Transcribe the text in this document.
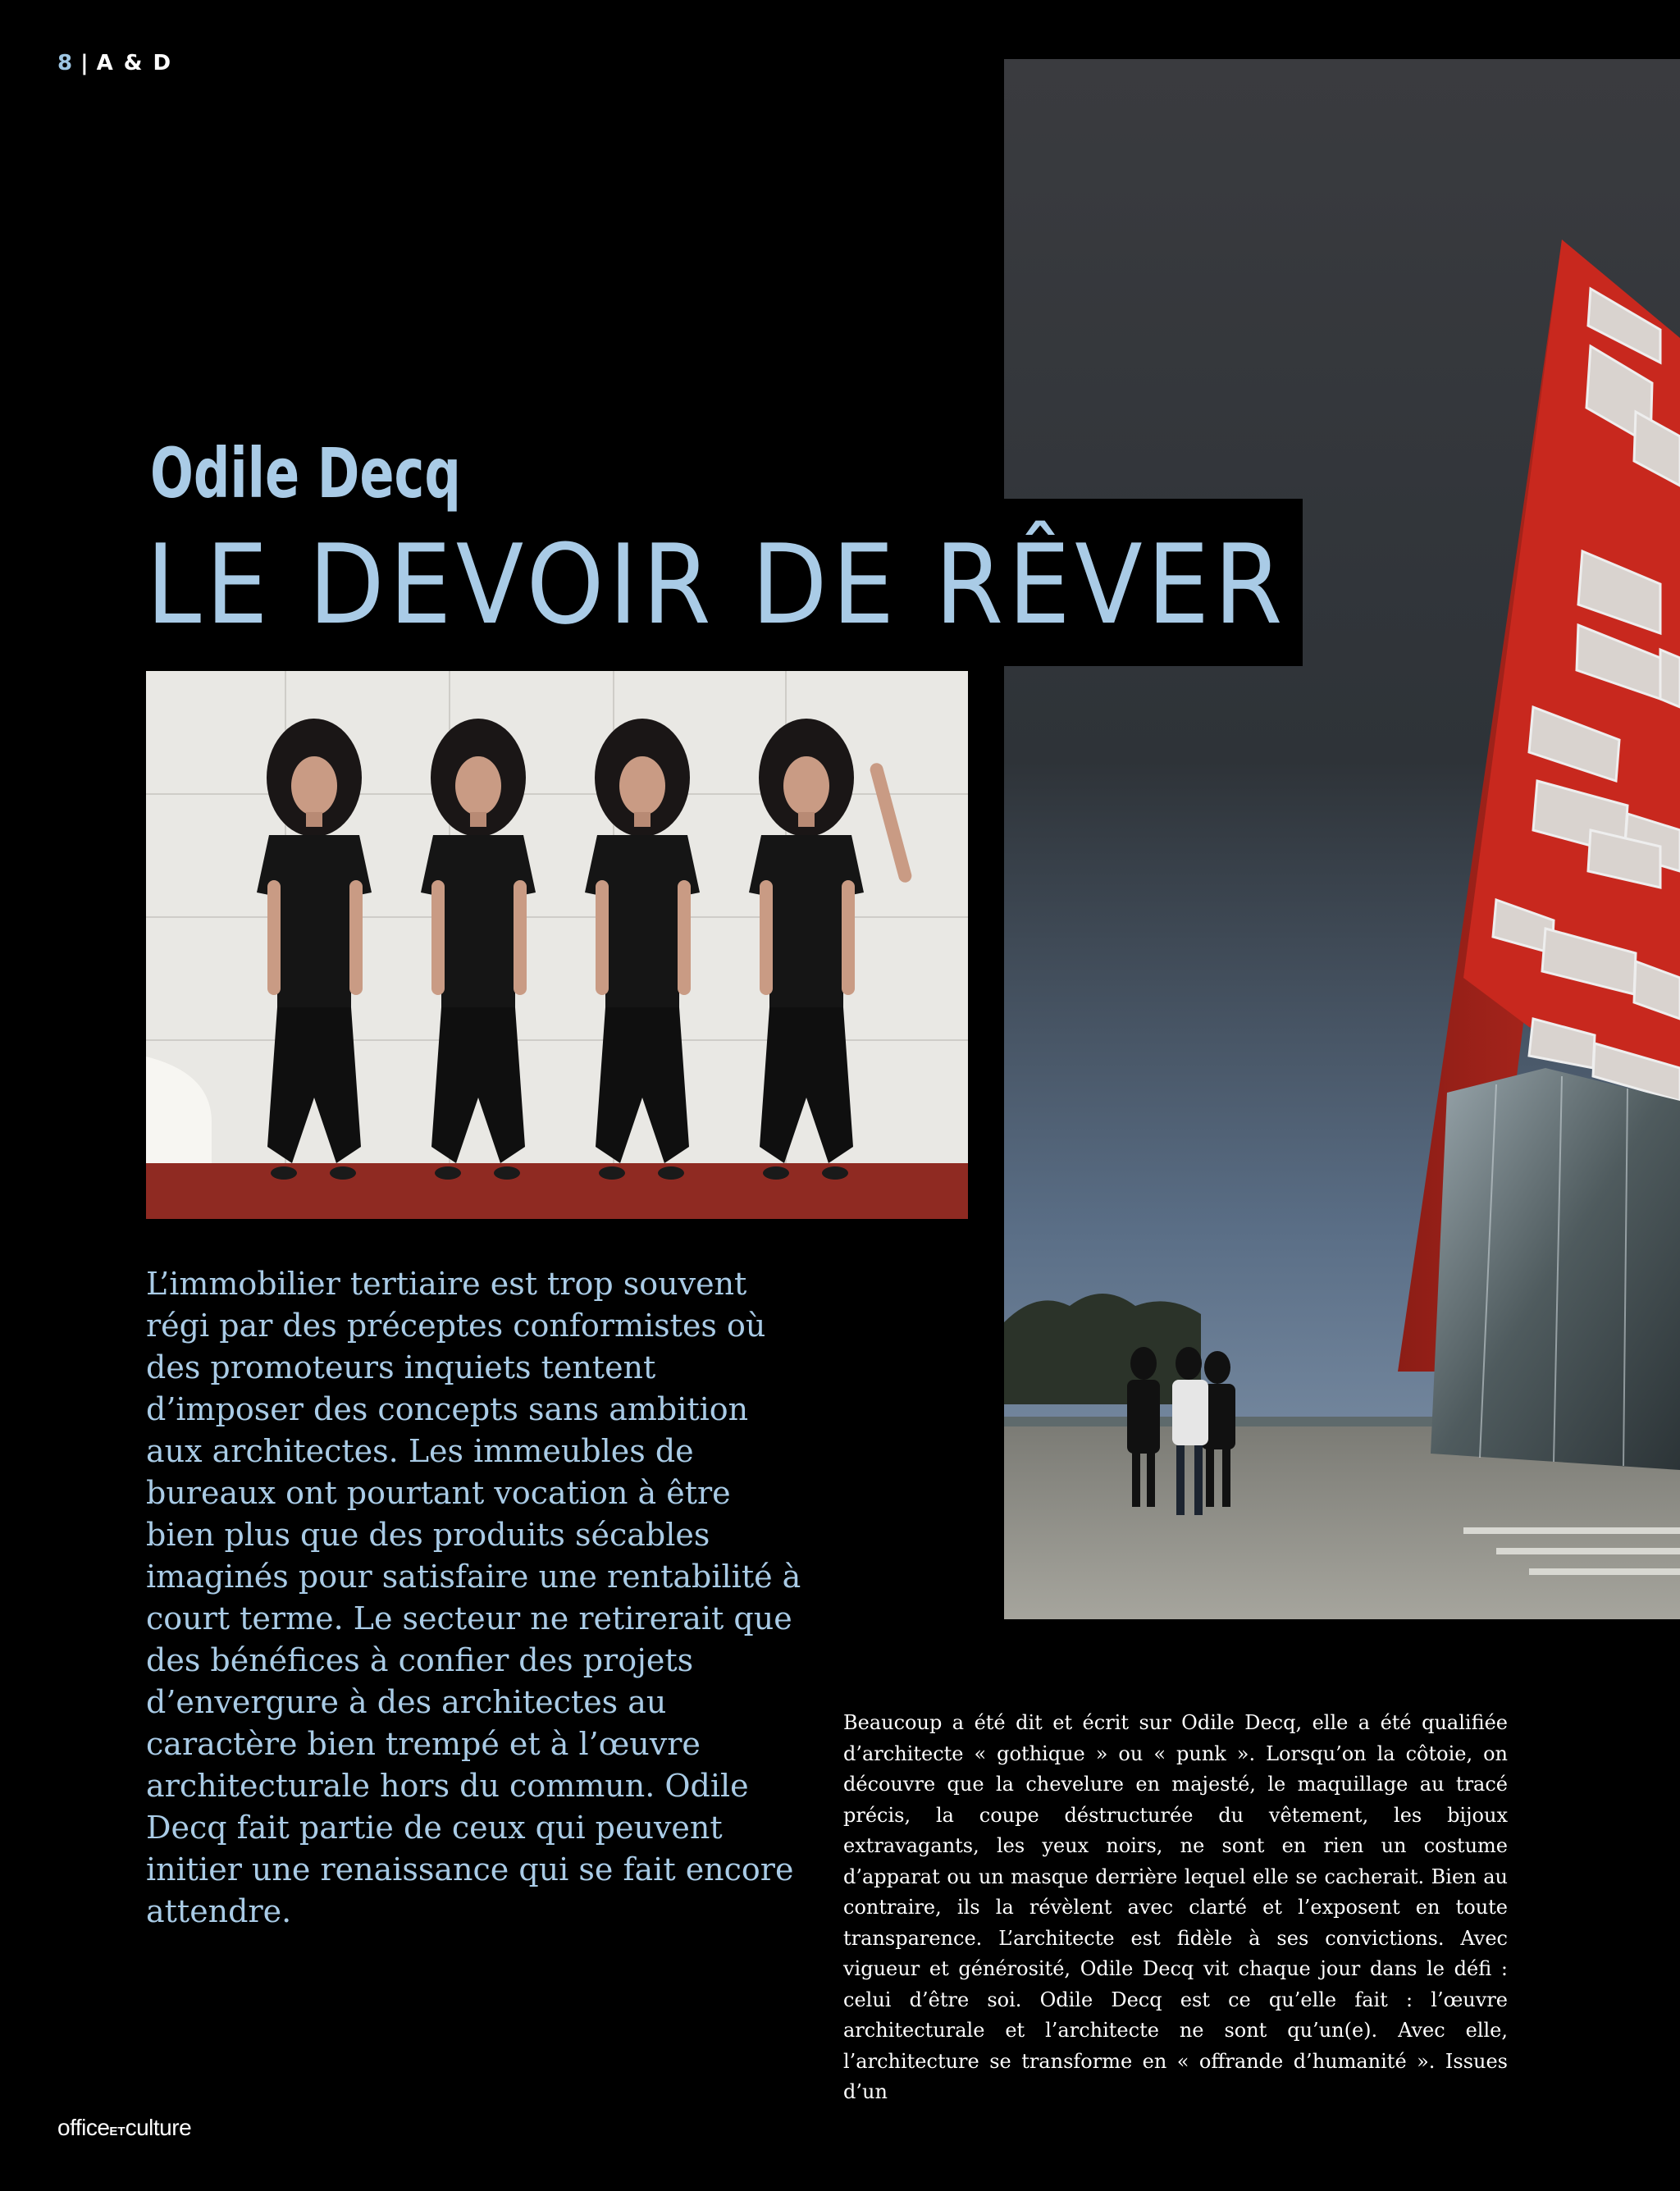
8 | A & D
Odile Decq
LE DEVOIR DE RÊVER

L’immobilier tertiaire est trop souvent régi par des préceptes conformistes où des promoteurs inquiets tentent d’imposer des concepts sans ambition aux architectes. Les immeubles de bureaux ont pourtant vocation à être bien plus que des produits sécables imaginés pour satisfaire une rentabilité à court terme. Le secteur ne retirerait que des bénéfices à confier des projets d’envergure à des architectes au caractère bien trempé et à l’œuvre architecturale hors du commun. Odile Decq fait partie de ceux qui peuvent initier une renaissance qui se fait encore attendre.

Beaucoup a été dit et écrit sur Odile Decq, elle a été qualifiée d’architecte « gothique » ou « punk ». Lorsqu’on la côtoie, on découvre que la chevelure en majesté, le maquillage au tracé précis, la coupe déstructurée du vêtement, les bijoux extravagants, les yeux noirs, ne sont en rien un costume d’apparat ou un masque derrière lequel elle se cacherait. Bien au contraire, ils la révèlent avec clarté et l’exposent en toute transparence. L’architecte est fidèle à ses convictions. Avec vigueur et générosité, Odile Decq vit chaque jour dans le défi : celui d’être soi. Odile Decq est ce qu’elle fait : l’œuvre architecturale et l’architecte ne sont qu’un(e). Avec elle, l’architecture se transforme en « offrande d’humanité ». Issues d’un

officeETculture
